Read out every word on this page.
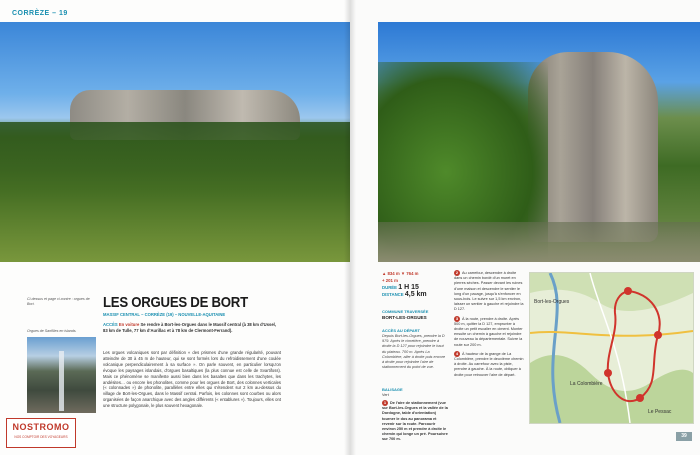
CORRÈZE – 19
Ci-dessus et page ci-contre : orgues de Bort.
Orgues de Sanfilles en islands.
LES ORGUES DE BORT
MASSIF CENTRAL – CORRÈZE (19) – NOUVELLE-AQUITAINE
ACCÈS En voiture Se rendre à Bort-les-Orgues dans le Massif central (à 38 km d'Ussel, 83 km de Tulle, 77 km d'Aurillac et à 78 km de Clermont-Ferrand).
Les orgues volcaniques sont par définition « des prismes d'une grande régularité, pouvant atteindre de 30 à 45 m de hauteur, qui se sont formés lors du refroidissement d'une coulée volcanique perpendiculairement à sa surface ». On parle souvent, en particulier lorsqu'on évoque les paysages islandais, d'orgues basaltiques (la plus connue est celle de Svartifoss). Mais ce phénomène se manifeste aussi bien dans les basaltes que dans les trachytes, les andésites… ou encore les phonolites, comme pour les orgues de Bort, des colonnes verticales (« colonnades ») de phonolite, parallèles entre elles qui s'étendent sur 2 km au-dessus du village de Bort-les-Orgues, dans le Massif central. Parfois, les colonnes sont courbes ou alors organisées de façon anarchique avec des angles différents (« entablures »). Toujours, elles ont une structure polygonale, le plus souvent hexagonale.
NOSTROMO
NOS COMPTOIR DES VOYAGEURS
▲ 834 m ▼ 764 m
+ 201 m
DURÉE 1 H 15
DISTANCE 4,5 km
COMMUNE TRAVERSÉE
BORT-LES-ORGUES
ACCÈS AU DÉPART
Depuis Bort-les-Orgues, prendre la D 979. Après le cimetière, prendre à droite la D 127 pour rejoindre le haut du plateau. 700 m. Après La Colombière, aller à droite puis encore à droite pour rejoindre l'aire de stationnement du point de vue.
BALISAGE
Vert
1 De l'aire de stationnement (vue sur Bort-les-Orgues et la vallée de la Dordogne, table d'orientation) tourner le dos au panorama et revenir sur la route. Parcourir environ 250 m et prendre à droite le chemin qui longe un pré. Poursuivre sur 700 m.
2 Au carrefour, descendre à droite dans un chemin bordé d'un muret en pierres sèches. Passer devant les ruines d'une maison et descendre le sentier le long d'un pacage, jusqu'à s'enfoncer en sous-bois. Le suivre sur 1,5 km environ, laisser un sentier à gauche et rejoindre la D 127.
3 À la route, prendre à droite. Après 500 m, quitter la D 127, emprunter à droite un petit escalier en ciment. Monter ensuite un chemin à gauche et rejoindre de nouveau la départementale. Suivre la route sur 200 m.
4 À hauteur de la grange de La Colombière, prendre le deuxième chemin à droite. Au carrefour avec la piste, prendre à gauche. À la route, obliquer à droite pour retrouver l'aire de départ.
Bort-les-Orgues
La Colombière
Le Pessac
39
